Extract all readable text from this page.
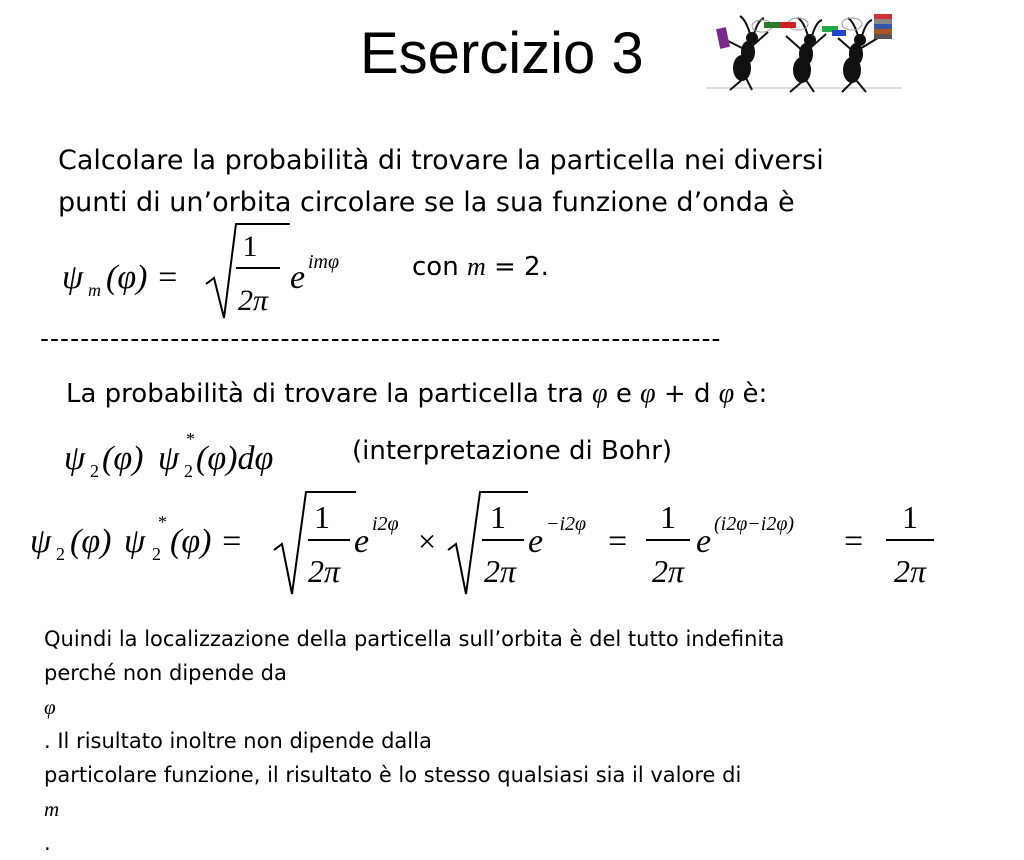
Esercizio 3
Calcolare la probabilità di trovare la particella nei diversi
punti di un’orbita circolare se la sua funzione d’onda è
ψ m (φ) =
1
2π
e imφ	con m = 2.
--------------------------------------------------------------------
La probabilità di trovare la particella tra φ e φ + d φ è:
ψ 2 (φ) ψ
*
2 (φ)dφ	(interpretazione di Bohr)
ψ 2 (φ) ψ
*
2 (φ) =
1
2π
e i2φ ×
1
2π
e −i2φ =
1
2π
e (i2φ−i2φ) =
1
2π
Quindi la localizzazione della particella sull’orbita è del tutto indefinita
perché non dipende da
φ
. Il risultato inoltre non dipende dalla
particolare funzione, il risultato è lo stesso qualsiasi sia il valore di
m
.
